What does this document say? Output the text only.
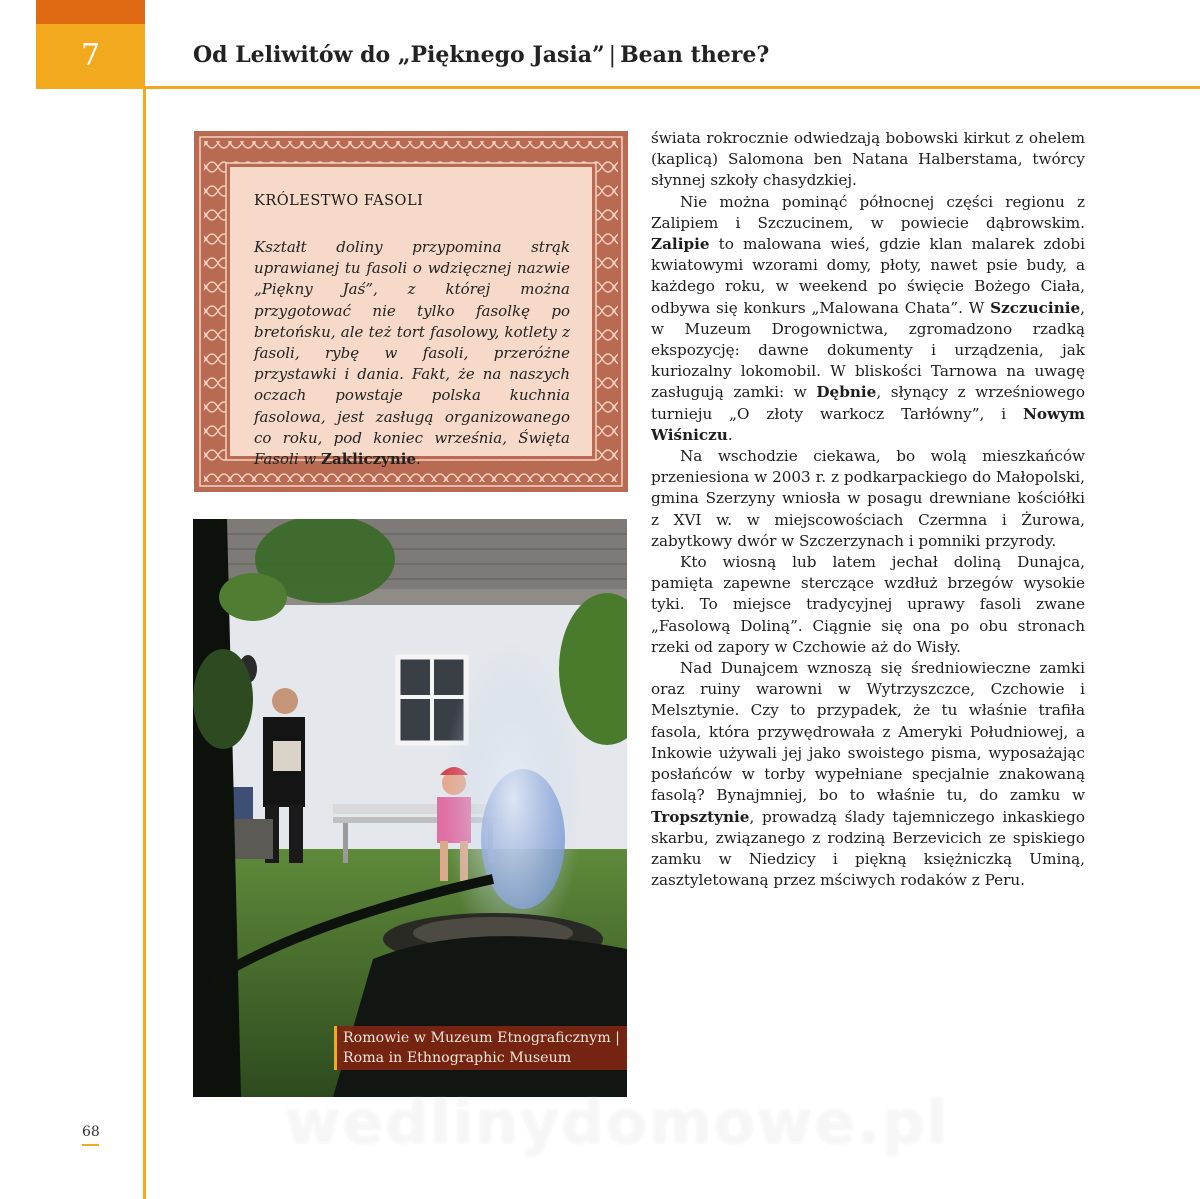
7	Od Leliwitów do „Pięknego Jasia” | Bean there?
KRÓLESTWO FASOLI
Kształt doliny przypomina strąk uprawianej tu fasoli o wdzięcznej nazwie „Piękny Jaś”, z której można przygotować nie tylko fasolkę po bretońsku, ale też tort fasolowy, kotlety z fasoli, rybę w fasoli, przeróżne przystawki i dania. Fakt, że na naszych oczach powstaje polska kuchnia fasolowa, jest zasługą organizowanego co roku, pod koniec września, Święta Fasoli w Zakliczynie.
Romowie w Muzeum Etnograficznym |
Roma in Ethnographic Museum

świata rokrocznie odwiedzają bobowski kirkut z ohelem (kaplicą) Salomona ben Natana Halberstama, twórcy słynnej szkoły chasydzkiej.

Nie można pominąć północnej części regionu z Zalipiem i Szczucinem, w powiecie dąbrowskim. Zalipie to malowana wieś, gdzie klan malarek zdobi kwiatowymi wzorami domy, płoty, nawet psie budy, a każdego roku, w weekend po święcie Bożego Ciała, odbywa się konkurs „Malowana Chata”. W Szczucinie, w Muzeum Drogownictwa, zgromadzono rzadką ekspozycję: dawne dokumenty i urządzenia, jak kuriozalny lokomobil. W bliskości Tarnowa na uwagę zasługują zamki: w Dębnie, słynący z wrześniowego turnieju „O złoty warkocz Tarłówny”, i Nowym Wiśniczu.

Na wschodzie ciekawa, bo wolą mieszkańców przeniesiona w 2003 r. z podkarpackiego do Małopolski, gmina Szerzyny wniosła w posagu drewniane kościółki z XVI w. w miejscowościach Czermna i Żurowa, zabytkowy dwór w Szczerzynach i pomniki przyrody.

Kto wiosną lub latem jechał doliną Dunajca, pamięta zapewne sterczące wzdłuż brzegów wysokie tyki. To miejsce tradycyjnej uprawy fasoli zwane „Fasolową Doliną”. Ciągnie się ona po obu stronach rzeki od zapory w Czchowie aż do Wisły.

Nad Dunajcem wznoszą się średniowieczne zamki oraz ruiny warowni w Wytrzyszczce, Czchowie i Melsztynie. Czy to przypadek, że tu właśnie trafiła fasola, która przywędrowała z Ameryki Południowej, a Inkowie używali jej jako swoistego pisma, wyposażając posłańców w torby wypełniane specjalnie znakowaną fasolą? Bynajmniej, bo to właśnie tu, do zamku w Tropsztynie, prowadzą ślady tajemniczego inkaskiego skarbu, związanego z rodziną Berzevicich ze spiskiego zamku w Niedzicy i piękną księżniczką Uminą, zasztyletowaną przez mściwych rodaków z Peru.

68	wedlinydomowe.pl
